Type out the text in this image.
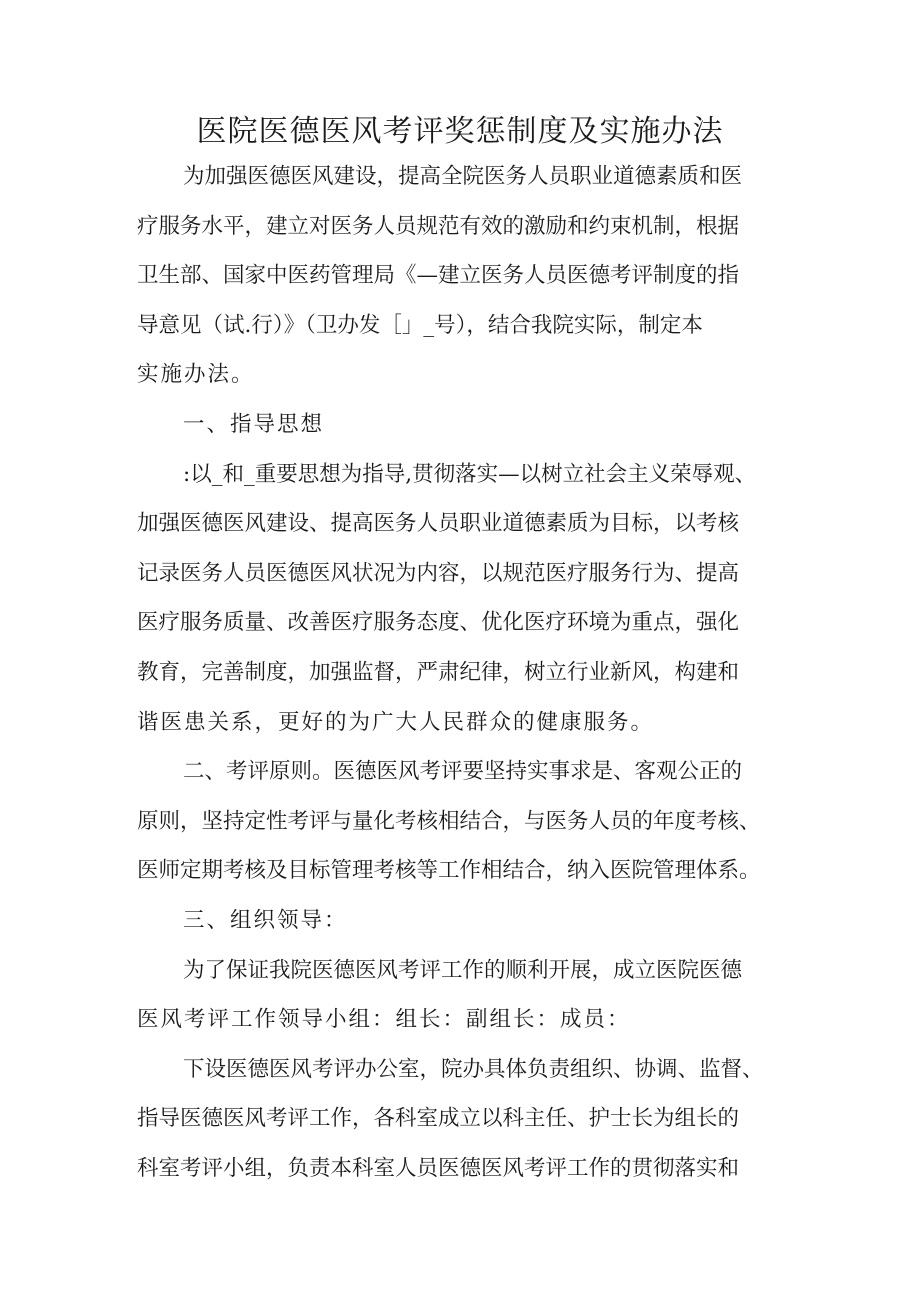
医院医德医风考评奖惩制度及实施办法
为加强医德医风建设，提高全院医务人员职业道德素质和医
疗服务水平，建立对医务人员规范有效的激励和约束机制，根据
卫生部、国家中医药管理局《—建立医务人员医德考评制度的指
导意见（试.行）》（卫办发［」_号），结合我院实际，制定本
实施办法。
一、指导思想
:以_和_重要思想为指导,贯彻落实—以树立社会主义荣辱观、
加强医德医风建设、提高医务人员职业道德素质为目标，以考核
记录医务人员医德医风状况为内容，以规范医疗服务行为、提高
医疗服务质量、改善医疗服务态度、优化医疗环境为重点，强化
教育，完善制度，加强监督，严肃纪律，树立行业新风，构建和
谐医患关系，更好的为广大人民群众的健康服务。
二、考评原则。医德医风考评要坚持实事求是、客观公正的
原则，坚持定性考评与量化考核相结合，与医务人员的年度考核、
医师定期考核及目标管理考核等工作相结合，纳入医院管理体系。
三、组织领导：
为了保证我院医德医风考评工作的顺利开展，成立医院医德
医风考评工作领导小组：组长：副组长：成员：
下设医德医风考评办公室，院办具体负责组织、协调、监督、
指导医德医风考评工作，各科室成立以科主任、护士长为组长的
科室考评小组，负责本科室人员医德医风考评工作的贯彻落实和
